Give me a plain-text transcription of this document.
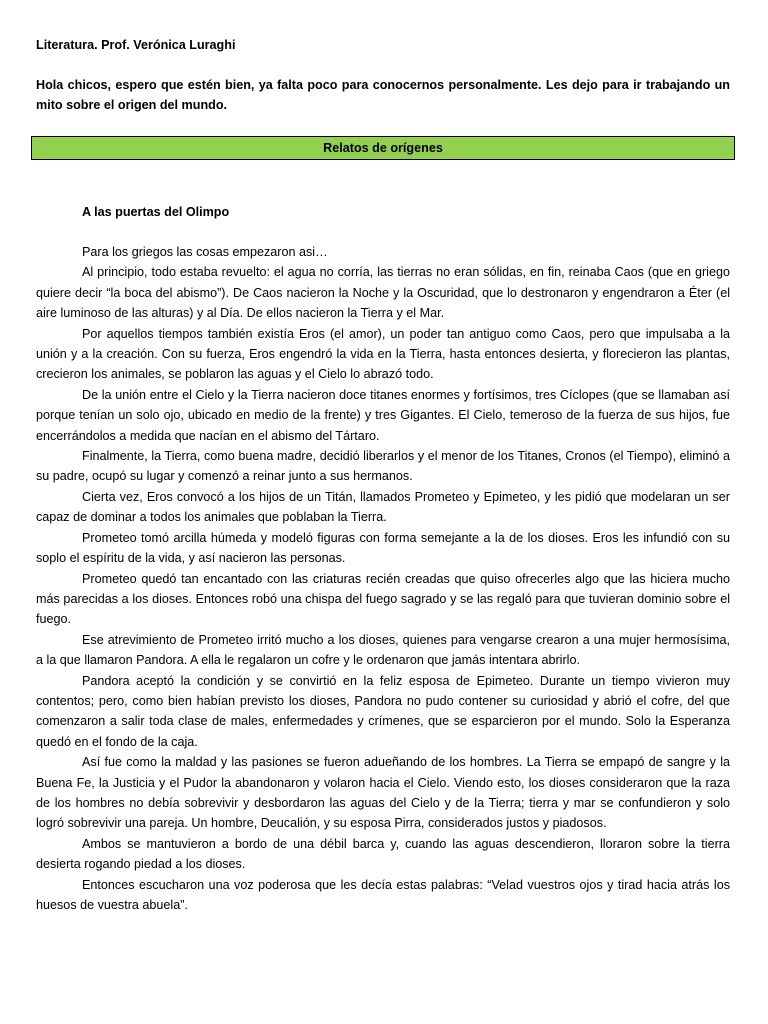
Literatura. Prof. Verónica Luraghi

Hola chicos, espero que estén bien, ya falta poco para conocernos personalmente. Les dejo para ir trabajando un mito sobre el origen del mundo.

Relatos de orígenes

A las puertas del Olimpo

Para los griegos las cosas empezaron asi…

Al principio, todo estaba revuelto: el agua no corría, las tierras no eran sólidas, en fin, reinaba Caos (que en griego quiere decir “la boca del abismo”). De Caos nacieron la Noche y la Oscuridad, que lo destronaron y engendraron a Éter (el aire luminoso de las alturas) y al Día. De ellos nacieron la Tierra y el Mar.

Por aquellos tiempos también existía Eros (el amor), un poder tan antiguo como Caos, pero que impulsaba a la unión y a la creación. Con su fuerza, Eros engendró la vida en la Tierra, hasta entonces desierta, y florecieron las plantas, crecieron los animales, se poblaron las aguas y el Cielo lo abrazó todo.

De la unión entre el Cielo y la Tierra nacieron doce titanes enormes y fortísimos, tres Cíclopes (que se llamaban así porque tenían un solo ojo, ubicado en medio de la frente) y tres Gigantes. El Cielo, temeroso de la fuerza de sus hijos, fue encerrándolos a medida que nacían en el abismo del Tártaro.

Finalmente, la Tierra, como buena madre, decidió liberarlos y el menor de los Titanes, Cronos (el Tiempo), eliminó a su padre, ocupó su lugar y comenzó a reinar junto a sus hermanos.

Cierta vez, Eros convocó a los hijos de un Titán, llamados Prometeo y Epimeteo, y les pidió que modelaran un ser capaz de dominar a todos los animales que poblaban la Tierra.

Prometeo tomó arcilla húmeda y modeló figuras con forma semejante a la de los dioses. Eros les infundió con su soplo el espíritu de la vida, y así nacieron las personas.

Prometeo quedó tan encantado con las criaturas recién creadas que quiso ofrecerles algo que las hiciera mucho más parecidas a los dioses. Entonces robó una chispa del fuego sagrado y se las regaló para que tuvieran dominio sobre el fuego.

Ese atrevimiento de Prometeo irritó mucho a los dioses, quienes para vengarse crearon a una mujer hermosísima, a la que llamaron Pandora. A ella le regalaron un cofre y le ordenaron que jamás intentara abrirlo.

Pandora aceptó la condición y se convirtió en la feliz esposa de Epimeteo. Durante un tiempo vivieron muy contentos; pero, como bien habían previsto los dioses, Pandora no pudo contener su curiosidad y abrió el cofre, del que comenzaron a salir toda clase de males, enfermedades y crímenes, que se esparcieron por el mundo. Solo la Esperanza quedó en el fondo de la caja.

Así fue como la maldad y las pasiones se fueron adueñando de los hombres. La Tierra se empapó de sangre y la Buena Fe, la Justicia y el Pudor la abandonaron y volaron hacia el Cielo. Viendo esto, los dioses consideraron que la raza de los hombres no debía sobrevivir y desbordaron las aguas del Cielo y de la Tierra; tierra y mar se confundieron y solo logró sobrevivir una pareja. Un hombre, Deucalión, y su esposa Pirra, considerados justos y piadosos.

Ambos se mantuvieron a bordo de una débil barca y, cuando las aguas descendieron, lloraron sobre la tierra desierta rogando piedad a los dioses.

Entonces escucharon una voz poderosa que les decía estas palabras: “Velad vuestros ojos y tirad hacia atrás los huesos de vuestra abuela”.
